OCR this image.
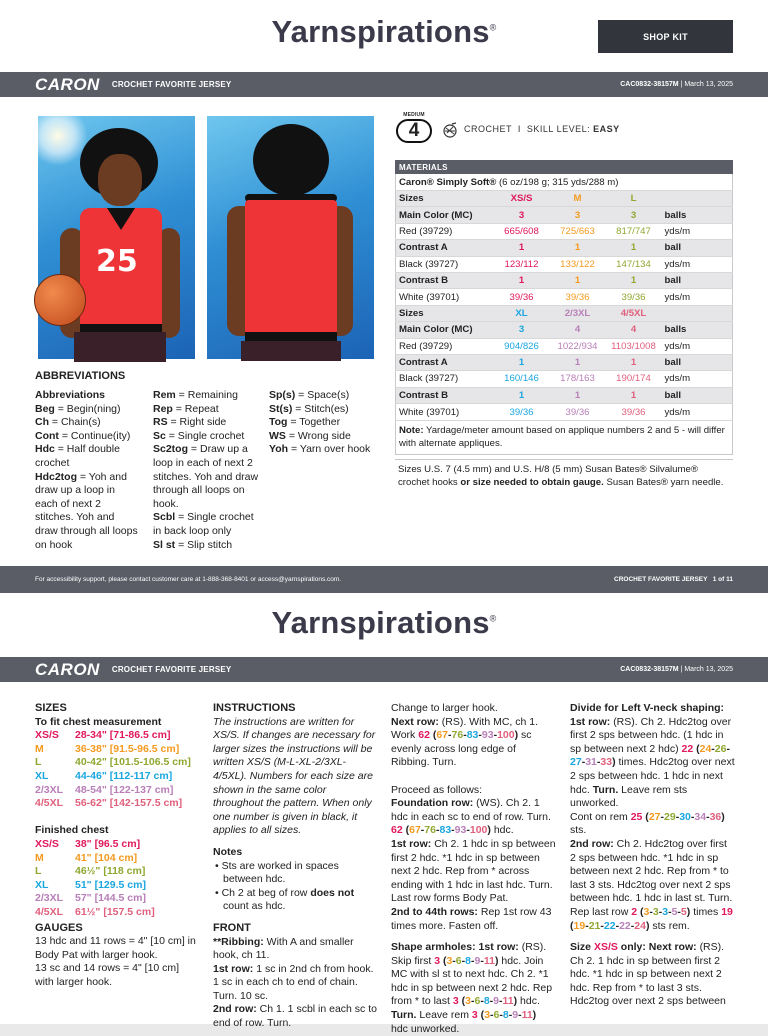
Yarnspirations®
SHOP KIT
CARON CROCHET FAVORITE JERSEY	CAC0832-38157M | March 13, 2025
25
MEDIUM
4	CROCHET I SKILL LEVEL: EASY
MATERIALS
Caron® Simply Soft® (6 oz/198 g; 315 yds/288 m)
Sizes	XS/S	M	L	
Main Color (MC)	3	3	3	balls
Red (39729)	665/608	725/663	817/747	yds/m
Contrast A	1	1	1	ball
Black (39727)	123/112	133/122	147/134	yds/m
Contrast B	1	1	1	ball
White (39701)	39/36	39/36	39/36	yds/m
Sizes	XL	2/3XL	4/5XL	
Main Color (MC)	3	4	4	balls
Red (39729)	904/826	1022/934	1103/1008	yds/m
Contrast A	1	1	1	ball
Black (39727)	160/146	178/163	190/174	yds/m
Contrast B	1	1	1	ball
White (39701)	39/36	39/36	39/36	yds/m
Note: Yardage/meter amount based on applique numbers 2 and 5 - will differ with alternate appliques.
Sizes U.S. 7 (4.5 mm) and U.S. H/8 (5 mm) Susan Bates® Silvalume® crochet hooks or size needed to obtain gauge. Susan Bates® yarn needle.
ABBREVIATIONS
Abbreviations
Beg = Begin(ning)
Ch = Chain(s)
Cont = Continue(ity)
Hdc = Half double crochet
Hdc2tog = Yoh and draw up a loop in each of next 2 stitches. Yoh and draw through all loops on hook
Rem = Remaining
Rep = Repeat
RS = Right side
Sc = Single crochet
Sc2tog = Draw up a loop in each of next 2 stitches. Yoh and draw through all loops on hook.
Scbl = Single crochet in back loop only
Sl st = Slip stitch
Sp(s) = Space(s)
St(s) = Stitch(es)
Tog = Together
WS = Wrong side
Yoh = Yarn over hook
For accessibility support, please contact customer care at 1-888-368-8401 or access@yarnspirations.com.	CROCHET FAVORITE JERSEY 1 of 11
Yarnspirations®
CARON CROCHET FAVORITE JERSEY	CAC0832-38157M | March 13, 2025
SIZES
To fit chest measurement
XS/S	28-34" [71-86.5 cm]
M	36-38" [91.5-96.5 cm]
L	40-42" [101.5-106.5 cm]
XL	44-46" [112-117 cm]
2/3XL	48-54" [122-137 cm]
4/5XL	56-62" [142-157.5 cm]
Finished chest
XS/S	38" [96.5 cm]
M	41" [104 cm]
L	46½" [118 cm]
XL	51" [129.5 cm]
2/3XL	57" [144.5 cm]
4/5XL	61½" [157.5 cm]
GAUGES
13 hdc and 11 rows = 4" [10 cm] in Body Pat with larger hook.
13 sc and 14 rows = 4" [10 cm] with larger hook.
INSTRUCTIONS
The instructions are written for XS/S. If changes are necessary for larger sizes the instructions will be written XS/S (M-L-XL-2/3XL-4/5XL). Numbers for each size are shown in the same color throughout the pattern. When only one number is given in black, it applies to all sizes.
Notes
• Sts are worked in spaces between hdc.
• Ch 2 at beg of row does not count as hdc.
FRONT
**Ribbing: With A and smaller hook, ch 11.
1st row: 1 sc in 2nd ch from hook. 1 sc in each ch to end of chain. Turn. 10 sc.
2nd row: Ch 1. 1 scbl in each sc to end of row. Turn.
Change to larger hook.
Next row: (RS). With MC, ch 1. Work 62 (67-76-83-93-100) sc evenly across long edge of Ribbing. Turn.
Proceed as follows:
Foundation row: (WS). Ch 2. 1 hdc in each sc to end of row. Turn. 62 (67-76-83-93-100) hdc.
1st row: Ch 2. 1 hdc in sp between first 2 hdc. *1 hdc in sp between next 2 hdc. Rep from * across ending with 1 hdc in last hdc. Turn. Last row forms Body Pat.
2nd to 44th rows: Rep 1st row 43 times more. Fasten off.
Shape armholes: 1st row: (RS). Skip first 3 (3-6-8-9-11) hdc. Join MC with sl st to next hdc. Ch 2. *1 hdc in sp between next 2 hdc. Rep from * to last 3 (3-6-8-9-11) hdc. Turn. Leave rem 3 (3-6-8-9-11) hdc unworked.
Divide for Left V-neck shaping:
1st row: (RS). Ch 2. Hdc2tog over first 2 sps between hdc. (1 hdc in sp between next 2 hdc) 22 (24-26-27-31-33) times. Hdc2tog over next 2 sps between hdc. 1 hdc in next hdc. Turn. Leave rem sts unworked.
Cont on rem 25 (27-29-30-34-36) sts.
2nd row: Ch 2. Hdc2tog over first 2 sps between hdc. *1 hdc in sp between next 2 hdc. Rep from * to last 3 sts. Hdc2tog over next 2 sps between hdc. 1 hdc in last st. Turn. Rep last row 2 (3-3-3-5-5) times 19 (19-21-22-22-24) sts rem.
Size XS/S only: Next row: (RS). Ch 2. 1 hdc in sp between first 2 hdc. *1 hdc in sp between next 2 hdc. Rep from * to last 3 sts. Hdc2tog over next 2 sps between
